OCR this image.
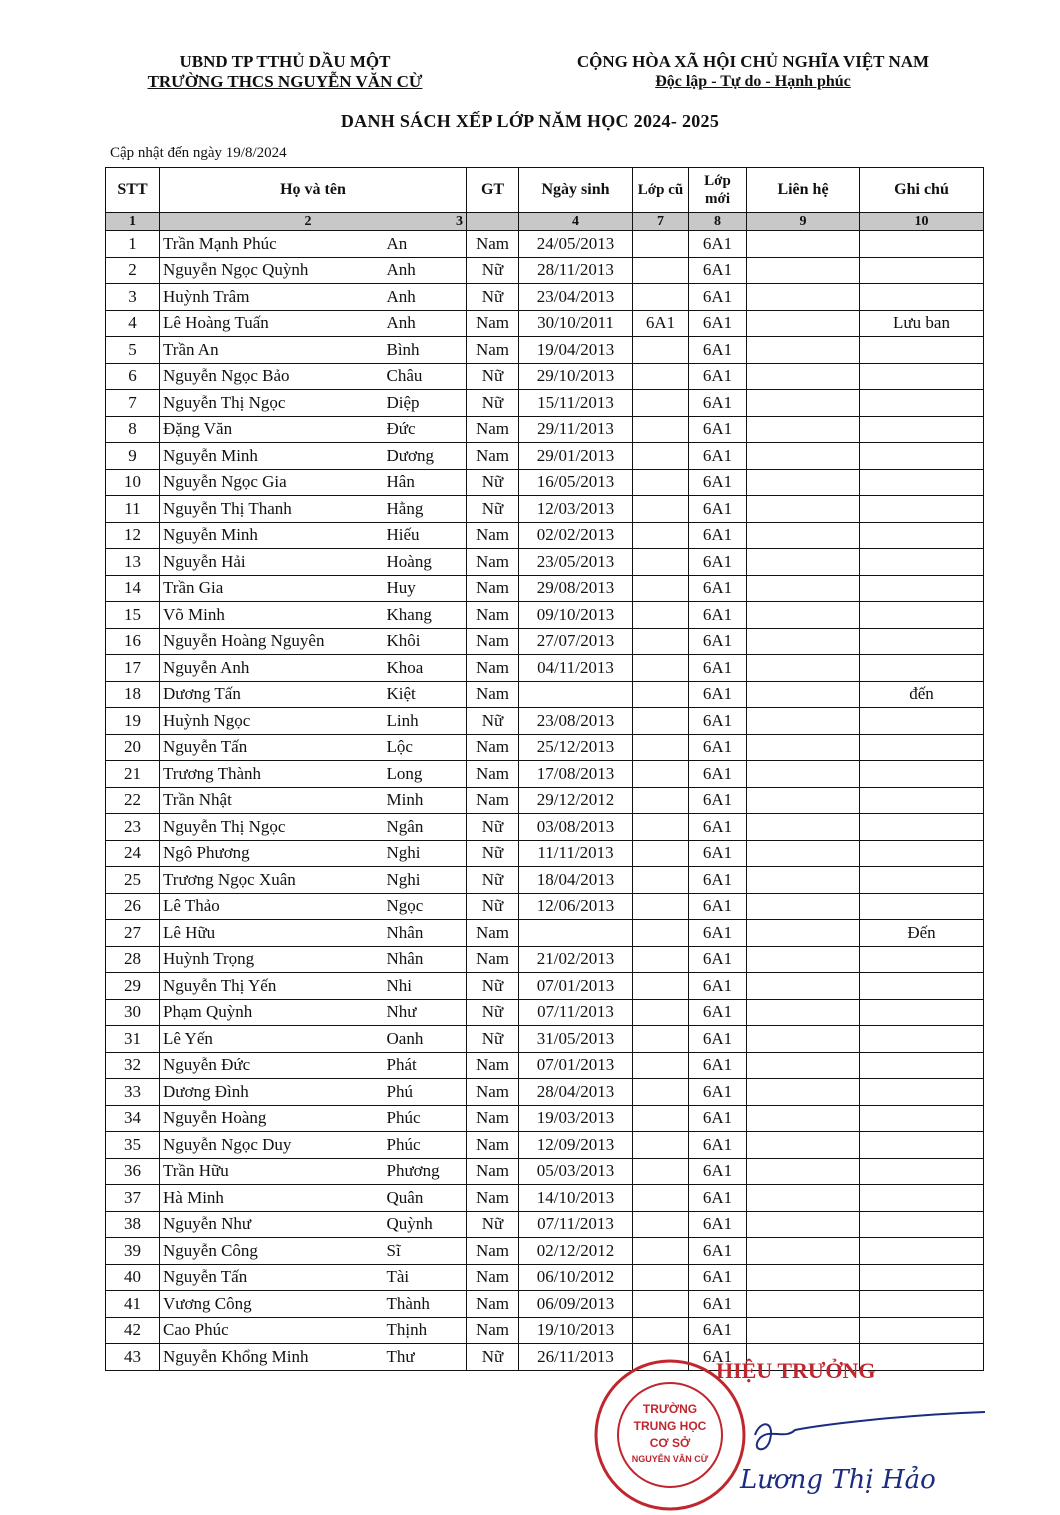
UBND TP TTHỦ DẦU MỘT
TRƯỜNG THCS NGUYỄN VĂN CỪ
CỘNG HÒA XÃ HỘI CHỦ NGHĨA VIỆT NAM
Độc lập - Tự do - Hạnh phúc
DANH SÁCH XẾP LỚP NĂM HỌC 2024- 2025
Cập nhật đến ngày 19/8/2024
STT	Họ và tên		GT	Ngày sinh	Lớp cũ	Lớp mới	Liên hệ	Ghi chú
1	2 3			4	7	8	9	10
1	Trần Mạnh Phúc	An	Nam	24/05/2013		6A1		
2	Nguyễn Ngọc Quỳnh	Anh	Nữ	28/11/2013		6A1		
3	Huỳnh Trâm	Anh	Nữ	23/04/2013		6A1		
4	Lê Hoàng Tuấn	Anh	Nam	30/10/2011	6A1	6A1		Lưu ban
5	Trần An	Bình	Nam	19/04/2013		6A1		
6	Nguyễn Ngọc Bảo	Châu	Nữ	29/10/2013		6A1		
7	Nguyễn Thị Ngọc	Diệp	Nữ	15/11/2013		6A1		
8	Đặng Văn	Đức	Nam	29/11/2013		6A1		
9	Nguyễn Minh	Dương	Nam	29/01/2013		6A1		
10	Nguyễn Ngọc Gia	Hân	Nữ	16/05/2013		6A1		
11	Nguyễn Thị Thanh	Hằng	Nữ	12/03/2013		6A1		
12	Nguyễn Minh	Hiếu	Nam	02/02/2013		6A1		
13	Nguyễn Hải	Hoàng	Nam	23/05/2013		6A1		
14	Trần Gia	Huy	Nam	29/08/2013		6A1		
15	Võ Minh	Khang	Nam	09/10/2013		6A1		
16	Nguyễn Hoàng Nguyên	Khôi	Nam	27/07/2013		6A1		
17	Nguyễn Anh	Khoa	Nam	04/11/2013		6A1		
18	Dương Tấn	Kiệt	Nam			6A1		đến
19	Huỳnh Ngọc	Linh	Nữ	23/08/2013		6A1		
20	Nguyễn Tấn	Lộc	Nam	25/12/2013		6A1		
21	Trương Thành	Long	Nam	17/08/2013		6A1		
22	Trần Nhật	Minh	Nam	29/12/2012		6A1		
23	Nguyễn Thị Ngọc	Ngân	Nữ	03/08/2013		6A1		
24	Ngô Phương	Nghi	Nữ	11/11/2013		6A1		
25	Trương Ngọc Xuân	Nghi	Nữ	18/04/2013		6A1		
26	Lê Thảo	Ngọc	Nữ	12/06/2013		6A1		
27	Lê Hữu	Nhân	Nam			6A1		Đến
28	Huỳnh Trọng	Nhân	Nam	21/02/2013		6A1		
29	Nguyễn Thị Yến	Nhi	Nữ	07/01/2013		6A1		
30	Phạm Quỳnh	Như	Nữ	07/11/2013		6A1		
31	Lê Yến	Oanh	Nữ	31/05/2013		6A1		
32	Nguyễn Đức	Phát	Nam	07/01/2013		6A1		
33	Dương Đình	Phú	Nam	28/04/2013		6A1		
34	Nguyễn Hoàng	Phúc	Nam	19/03/2013		6A1		
35	Nguyễn Ngọc Duy	Phúc	Nam	12/09/2013		6A1		
36	Trần Hữu	Phương	Nam	05/03/2013		6A1		
37	Hà Minh	Quân	Nam	14/10/2013		6A1		
38	Nguyễn Như	Quỳnh	Nữ	07/11/2013		6A1		
39	Nguyễn Công	Sĩ	Nam	02/12/2012		6A1		
40	Nguyễn Tấn	Tài	Nam	06/10/2012		6A1		
41	Vương Công	Thành	Nam	06/09/2013		6A1		
42	Cao Phúc	Thịnh	Nam	19/10/2013		6A1		
43	Nguyễn Khổng Minh	Thư	Nữ	26/11/2013		6A1		
TRƯỜNG
TRUNG HỌC
CƠ SỞ
NGUYỄN VĂN CỪ
HIỆU TRƯỞNG
Lương Thị Hảo
